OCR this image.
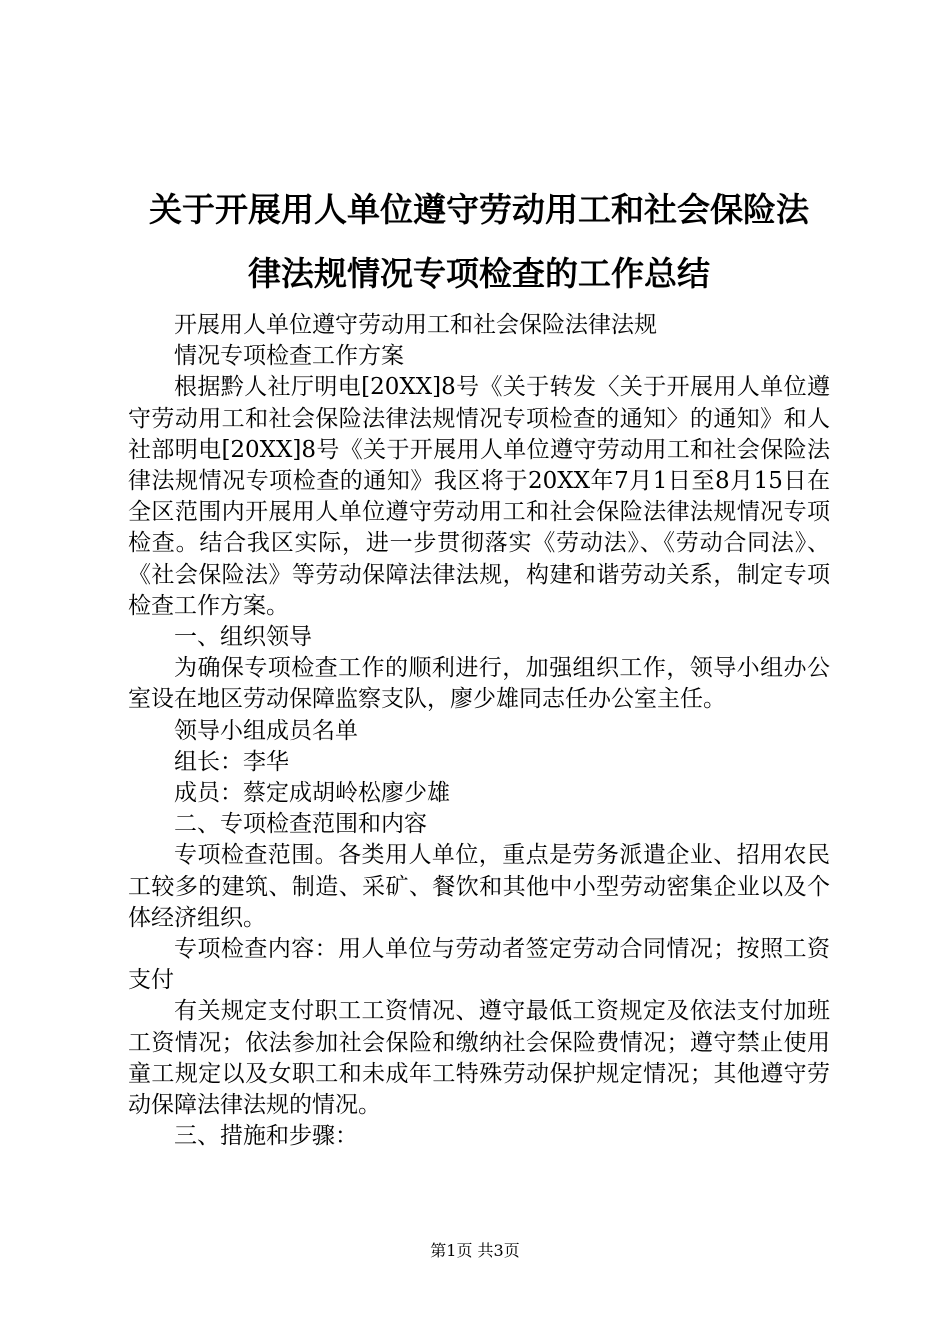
关于开展用人单位遵守劳动用工和社会保险法
律法规情况专项检查的工作总结
开展用人单位遵守劳动用工和社会保险法律法规
情况专项检查工作方案

根据黔人社厅明电[20XX]8号《关于转发〈关于开展用人单位遵守劳动用工和社会保险法律法规情况专项检查的通知〉的通知》和人社部明电[20XX]8号《关于开展用人单位遵守劳动用工和社会保险法律法规情况专项检查的通知》我区将于20XX年7月1日至8月15日在全区范围内开展用人单位遵守劳动用工和社会保险法律法规情况专项检查。结合我区实际，进一步贯彻落实《劳动法》、《劳动合同法》、《社会保险法》等劳动保障法律法规，构建和谐劳动关系，制定专项检查工作方案。

一、组织领导

为确保专项检查工作的顺利进行，加强组织工作，领导小组办公室设在地区劳动保障监察支队，廖少雄同志任办公室主任。

领导小组成员名单

组长：李华

成员：蔡定成胡岭松廖少雄

二、专项检查范围和内容

专项检查范围。各类用人单位，重点是劳务派遣企业、招用农民工较多的建筑、制造、采矿、餐饮和其他中小型劳动密集企业以及个体经济组织。

专项检查内容：用人单位与劳动者签定劳动合同情况；按照工资支付

有关规定支付职工工资情况、遵守最低工资规定及依法支付加班工资情况；依法参加社会保险和缴纳社会保险费情况；遵守禁止使用童工规定以及女职工和未成年工特殊劳动保护规定情况；其他遵守劳动保障法律法规的情况。

三、措施和步骤：

第1页 共3页
